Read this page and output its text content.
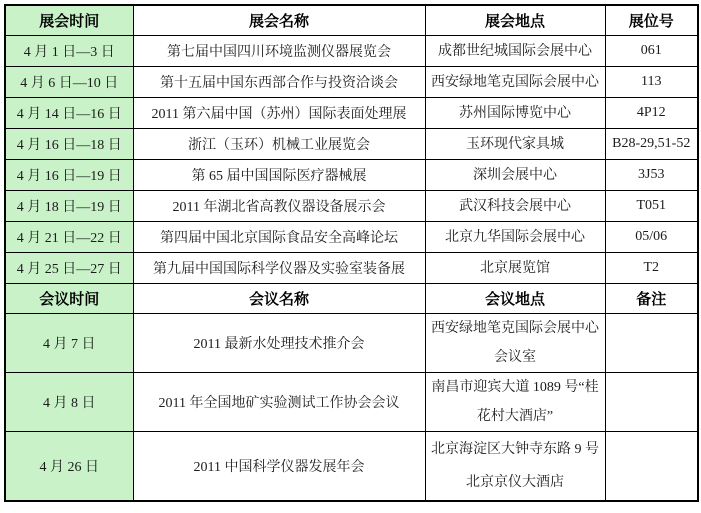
展会时间	展会名称	展会地点	展位号
4 月 1 日—3 日	第七届中国四川环境监测仪器展览会	成都世纪城国际会展中心	061
4 月 6 日—10 日	第十五届中国东西部合作与投资洽谈会	西安绿地笔克国际会展中心	113
4 月 14 日—16 日	2011 第六届中国（苏州）国际表面处理展	苏州国际博览中心	4P12
4 月 16 日—18 日	浙江（玉环）机械工业展览会	玉环现代家具城	B28-29,51-52
4 月 16 日—19 日	第 65 届中国国际医疗器械展	深圳会展中心	3J53
4 月 18 日—19 日	2011 年湖北省高教仪器设备展示会	武汉科技会展中心	T051
4 月 21 日—22 日	第四届中国北京国际食品安全高峰论坛	北京九华国际会展中心	05/06
4 月 25 日—27 日	第九届中国国际科学仪器及实验室装备展	北京展览馆	T2
会议时间	会议名称	会议地点	备注
4 月 7 日	2011 最新水处理技术推介会	西安绿地笔克国际会展中心
会议室	

4 月 8 日	2011 年全国地矿实验测试工作协会会议	南昌市迎宾大道 1089 号“桂
花村大酒店”	

4 月 26 日	2011 中国科学仪器发展年会	北京海淀区大钟寺东路 9 号
北京京仪大酒店	
